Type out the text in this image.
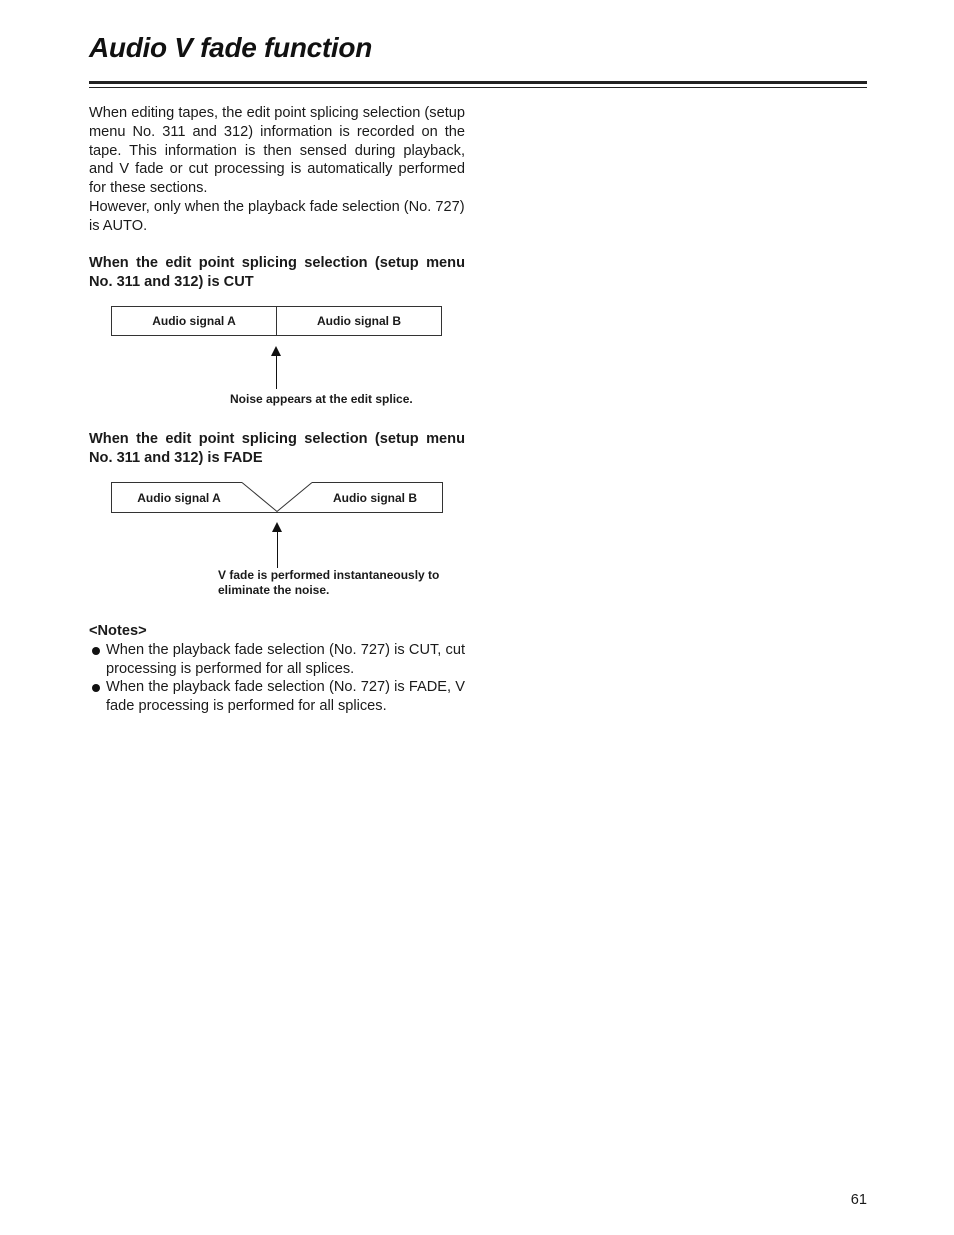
Audio V fade function

When editing tapes, the edit point splicing selection (setup menu No. 311 and 312) information is recorded on the tape. This information is then sensed during playback, and V fade or cut processing is automatically performed for these sections.

However, only when the playback fade selection (No. 727) is AUTO.

When the edit point splicing selection (setup menu No. 311 and 312) is CUT

Audio signal A	Audio signal B
Noise appears at the edit splice.

When the edit point splicing selection (setup menu No. 311 and 312) is FADE

Audio signal A	Audio signal B
V fade is performed instantaneously to eliminate the noise.

<Notes>

When the playback fade selection (No. 727) is CUT, cut processing is performed for all splices.
When the playback fade selection (No. 727) is FADE, V fade processing is performed for all splices.
61
